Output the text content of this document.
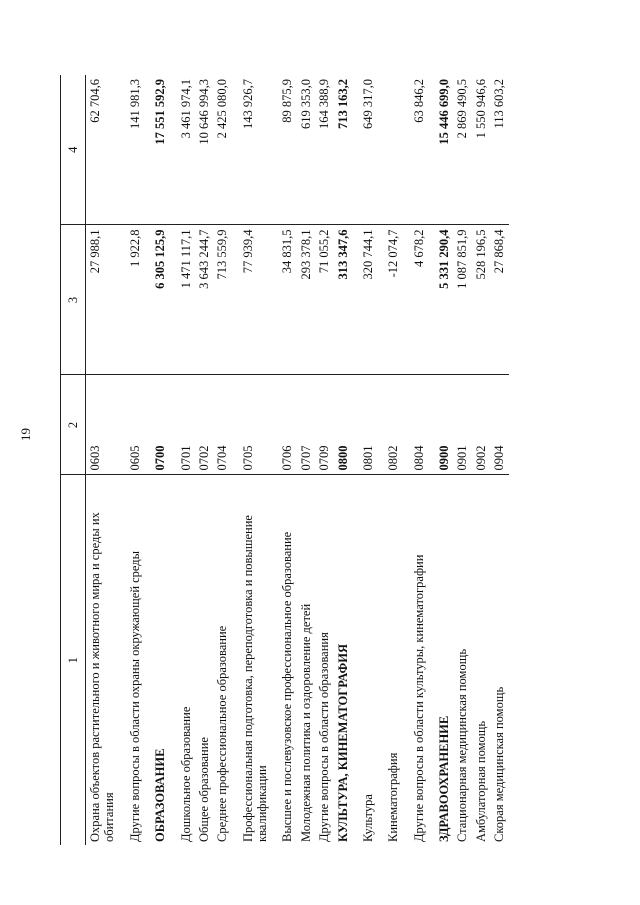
19
1	2	3	4
Охрана объектов растительного и животного мира и среды их обитания	0603	27 988,1	62 704,6
Другие вопросы в области охраны окружающей среды	0605	1 922,8	141 981,3
ОБРАЗОВАНИЕ	0700	6 305 125,9	17 551 592,9
Дошкольное образование	0701	1 471 117,1	3 461 974,1
Общее образование	0702	3 643 244,7	10 646 994,3
Среднее профессиональное образование	0704	713 559,9	2 425 080,0
Профессиональная подготовка, переподготовка и повышение квалификации	0705	77 939,4	143 926,7
Высшее и послевузовское профессиональное образование	0706	34 831,5	89 875,9
Молодежная политика и оздоровление детей	0707	293 378,1	619 353,0
Другие вопросы в области образования	0709	71 055,2	164 388,9
КУЛЬТУРА, КИНЕМАТОГРАФИЯ	0800	313 347,6	713 163,2
Культура	0801	320 744,1	649 317,0
Кинематография	0802	-12 074,7	
Другие вопросы в области культуры, кинематографии	0804	4 678,2	63 846,2
ЗДРАВООХРАНЕНИЕ	0900	5 331 290,4	15 446 699,0
Стационарная медицинская помощь	0901	1 087 851,9	2 869 490,5
Амбулаторная помощь	0902	528 196,5	1 550 946,6
Скорая медицинская помощь	0904	27 868,4	113 603,2
